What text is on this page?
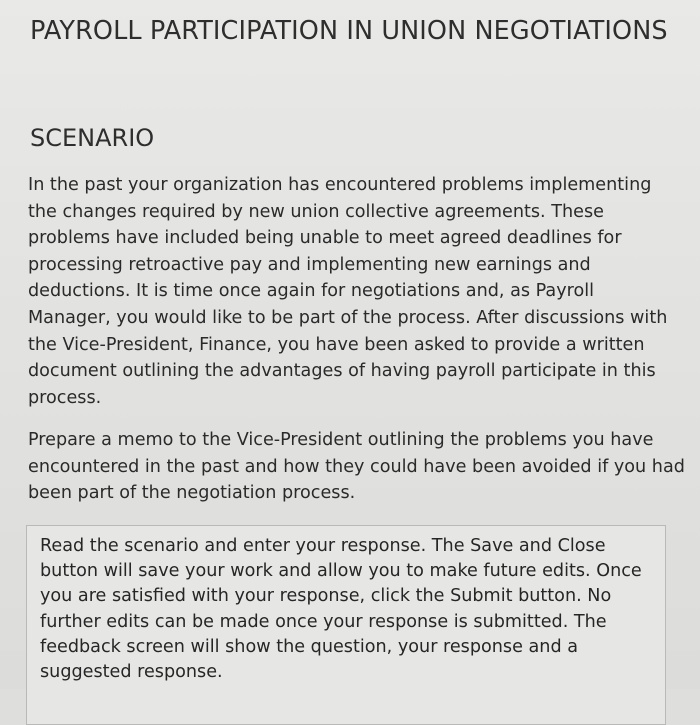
PAYROLL PARTICIPATION IN UNION NEGOTIATIONS
SCENARIO

In the past your organization has encountered problems implementing the changes required by new union collective agreements. These problems have included being unable to meet agreed deadlines for processing retroactive pay and implementing new earnings and deductions. It is time once again for negotiations and, as Payroll Manager, you would like to be part of the process. After discussions with the Vice-President, Finance, you have been asked to provide a written document outlining the advantages of having payroll participate in this process.

Prepare a memo to the Vice-President outlining the problems you have encountered in the past and how they could have been avoided if you had been part of the negotiation process.

Read the scenario and enter your response. The Save and Close button will save your work and allow you to make future edits. Once you are satisfied with your response, click the Submit button. No further edits can be made once your response is submitted. The feedback screen will show the question, your response and a suggested response.
